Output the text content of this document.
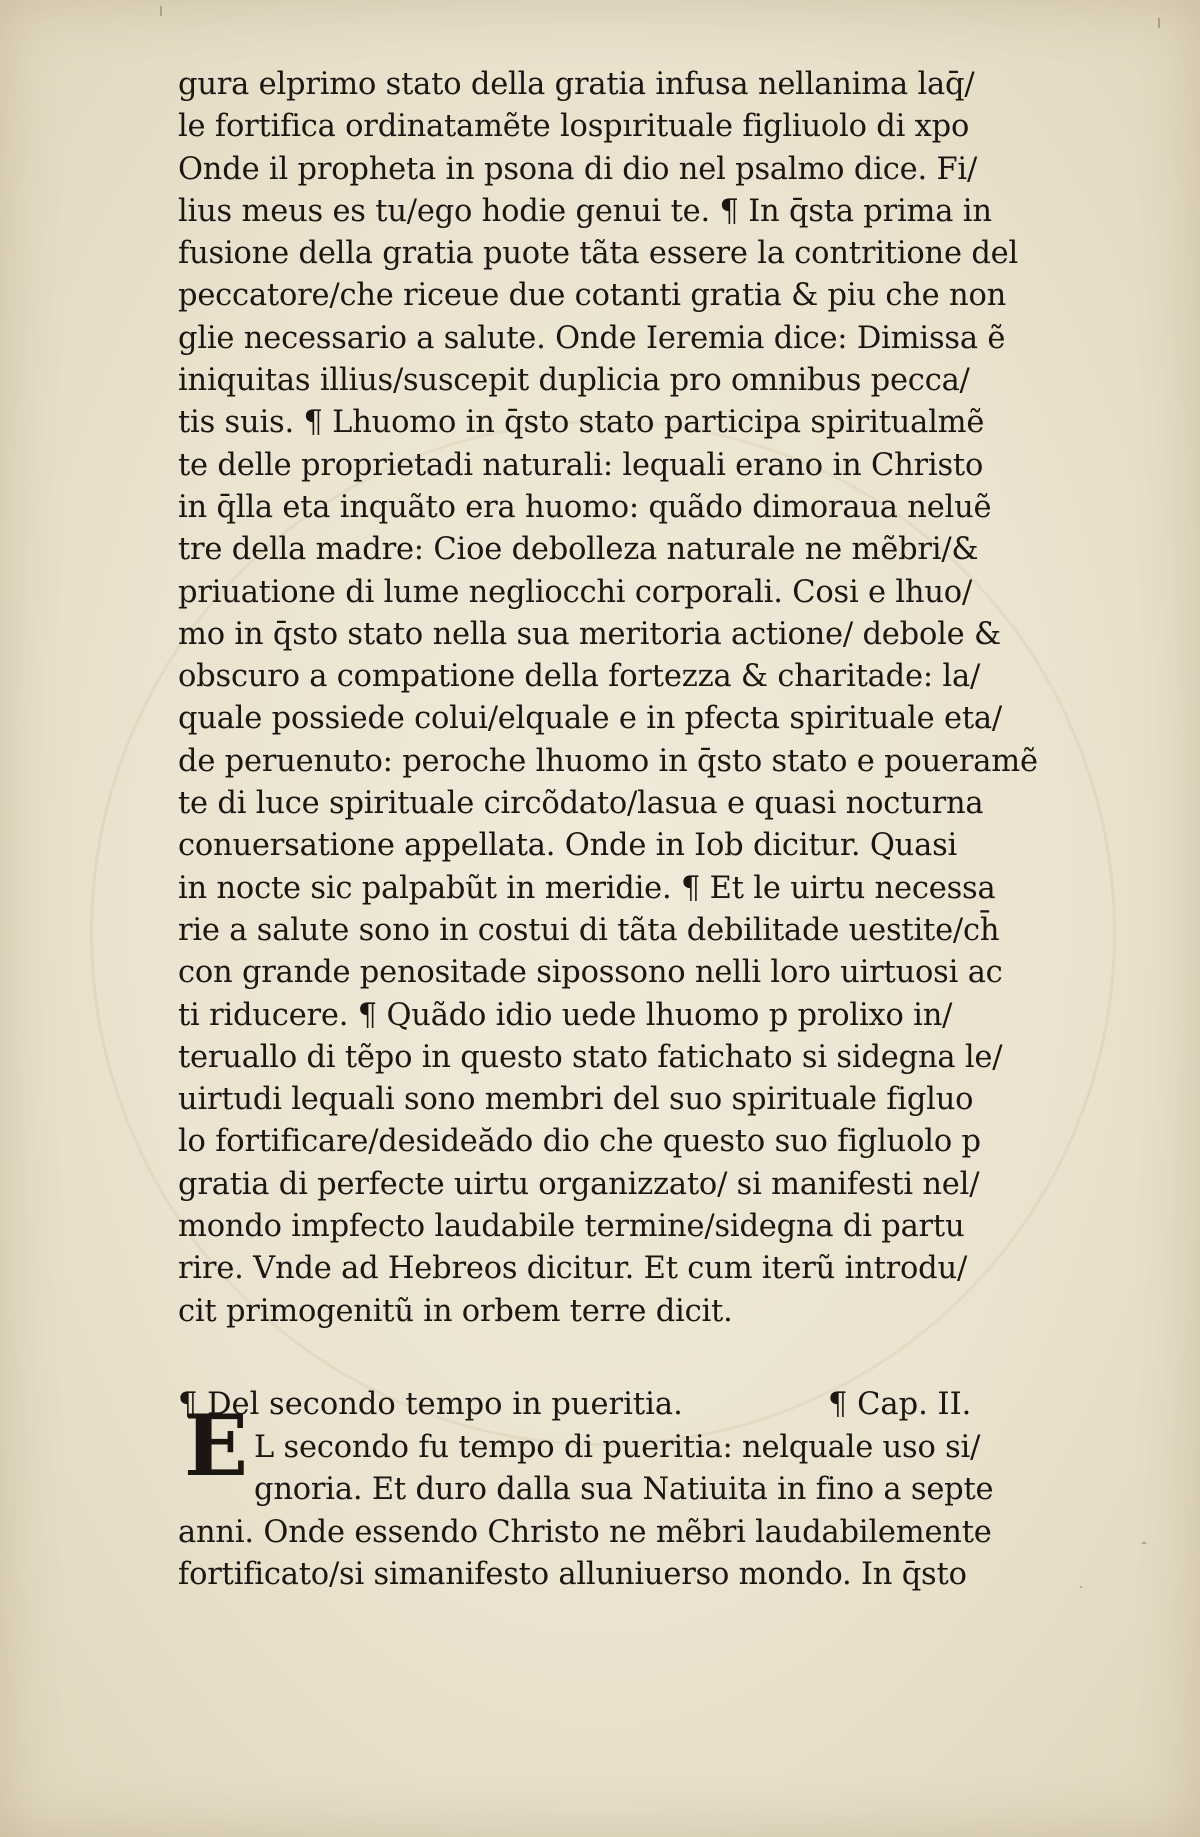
gura elprimo stato della gratia infusa nellanima laq̄/
le fortifica ordinatamẽte lospırituale figliuolo di xpo
Onde il propheta in psona di dio nel psalmo dice. Fi/
lius meus es tu/ego hodie genui te. ¶ In q̄sta prima in
fusione della gratia puote tãta essere la contritione del
peccatore/che riceue due cotanti gratia & piu che non
glie necessario a salute. Onde Ieremia dice: Dimissa ẽ
iniquitas illius/suscepit duplicia pro omnibus pecca/
tis suis. ¶ Lhuomo in q̄sto stato participa spiritualmẽ
te delle proprietadi naturali: lequali erano in Christo
in q̄lla eta inquãto era huomo: quãdo dimoraua neluẽ
tre della madre: Cioe debolleza naturale ne mẽbri/&
priuatione di lume negliocchi corporali. Cosi e lhuo/
mo in q̄sto stato nella sua meritoria actione/ debole &
obscuro a compatione della fortezza & charitade: la/
quale possiede colui/elquale e in pfecta spirituale eta/
de peruenuto: peroche lhuomo in q̄sto stato e poueramẽ
te di luce spirituale circõdato/lasua e quasi nocturna
conuersatione appellata. Onde in Iob dicitur. Quasi
in nocte sic palpabũt in meridie. ¶ Et le uirtu necessa
rie a salute sono in costui di tãta debilitade uestite/ch̄
con grande penositade sipossono nelli loro uirtuosi ac
ti riducere. ¶ Quãdo idio uede lhuomo p prolixo in/
teruallo di tẽpo in questo stato fatichato si sidegna le/
uirtudi lequali sono membri del suo spirituale figluo
lo fortificare/desideădo dio che questo suo figluolo p
gratia di perfecte uirtu organizzato/ si manifesti nel/
mondo impfecto laudabile termine/sidegna di partu
rire. Vnde ad Hebreos dicitur. Et cum iterũ introdu/
cit primogenitũ in orbem terre dicit.
¶ Del secondo tempo in pueritia.	¶ Cap. II.
L secondo fu tempo di pueritia: nelquale uso si/
gnoria. Et duro dalla sua Natiuita in fino a septe
anni. Onde essendo Christo ne mẽbri laudabilemente
fortificato/si simanifesto alluniuerso mondo. In q̄sto
E
